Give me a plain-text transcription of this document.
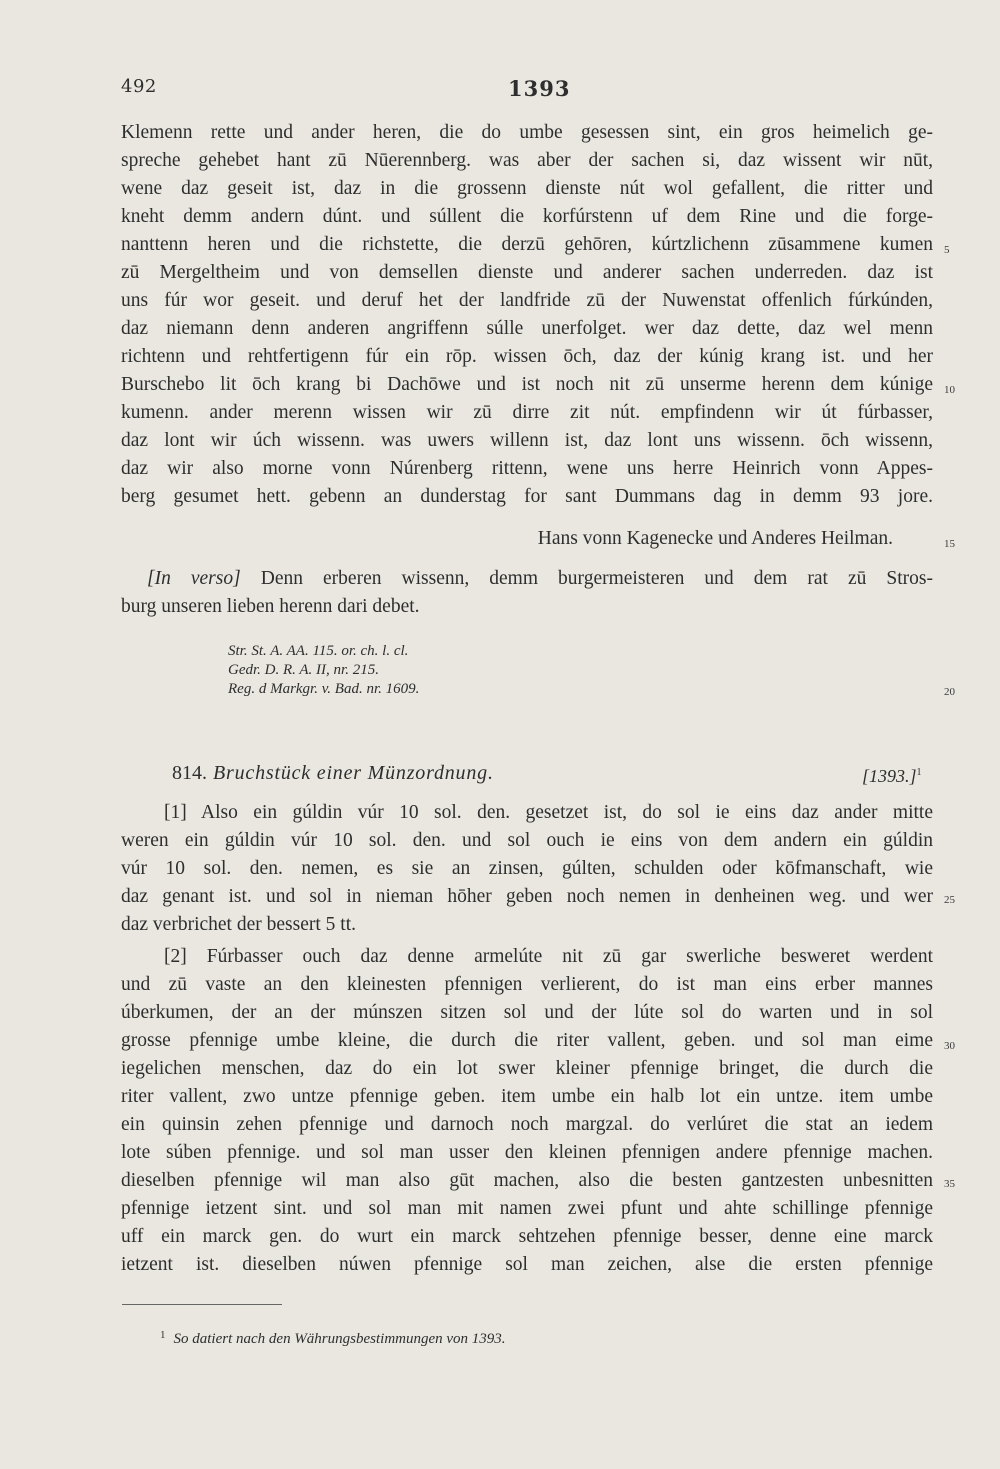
492	1393
Klemenn rette und ander heren, die do umbe gesessen sint, ein gros heimelich ge-
spreche gehebet hant zū Nūerennberg. was aber der sachen si, daz wissent wir nūt,
wene daz geseit ist, daz in die grossenn dienste nút wol gefallent, die ritter und
kneht demm andern dúnt. und súllent die korfúrstenn uf dem Rine und die forge-
nanttenn heren und die richstette, die derzū gehōren, kúrtzlichenn zūsammene kumen
zū Mergeltheim und von demsellen dienste und anderer sachen underreden. daz ist
uns fúr wor geseit. und deruf het der landfride zū der Nuwenstat offenlich fúrkúnden,
daz niemann denn anderen angriffenn súlle unerfolget. wer daz dette, daz wel menn
richtenn und rehtfertigenn fúr ein rōp. wissen ōch, daz der kúnig krang ist. und her
Burschebo lit ōch krang bi Dachōwe und ist noch nit zū unserme herenn dem kúnige
kumenn. ander merenn wissen wir zū dirre zit nút. empfindenn wir út fúrbasser,
daz lont wir úch wissenn. was uwers willenn ist, daz lont uns wissenn. ōch wissenn,
daz wir also morne vonn Núrenberg rittenn, wene uns herre Heinrich vonn Appes-
berg gesumet hett. gebenn an dunderstag for sant Dummans dag in demm 93 jore.
Hans vonn Kagenecke und Anderes Heilman.
[In verso] Denn erberen wissenn, demm burgermeisteren und dem rat zū Stros-
burg unseren lieben herenn dari debet.
Str. St. A. AA. 115. or. ch. l. cl.
Gedr. D. R. A. II, nr. 215.
Reg. d Markgr. v. Bad. nr. 1609.
5
10
15
20
25
30
35
814. Bruchstück einer Münzordnung.	$[1393.]^1$
[1] Also ein gúldin vúr 10 sol. den. gesetzet ist, do sol ie eins daz ander mitte
weren ein gúldin vúr 10 sol. den. und sol ouch ie eins von dem andern ein gúldin
vúr 10 sol. den. nemen, es sie an zinsen, gúlten, schulden oder kōfmanschaft, wie
daz genant ist. und sol in nieman hōher geben noch nemen in denheinen weg. und wer
daz verbrichet der bessert 5 tt.
[2] Fúrbasser ouch daz denne armelúte nit zū gar swerliche besweret werdent
und zū vaste an den kleinesten pfennigen verlierent, do ist man eins erber mannes
úberkumen, der an der múnszen sitzen sol und der lúte sol do warten und in sol
grosse pfennige umbe kleine, die durch die riter vallent, geben. und sol man eime
iegelichen menschen, daz do ein lot swer kleiner pfennige bringet, die durch die
riter vallent, zwo untze pfennige geben. item umbe ein halb lot ein untze. item umbe
ein quinsin zehen pfennige und darnoch noch margzal. do verlúret die stat an iedem
lote súben pfennige. und sol man usser den kleinen pfennigen andere pfennige machen.
dieselben pfennige wil man also gūt machen, also die besten gantzesten unbesnitten
pfennige ietzent sint. und sol man mit namen zwei pfunt und ahte schillinge pfennige
uff ein marck gen. do wurt ein marck sehtzehen pfennige besser, denne eine marck
ietzent ist. dieselben núwen pfennige sol man zeichen, alse die ersten pfennige
$^1$ So datiert nach den Währungsbestimmungen von 1393.
